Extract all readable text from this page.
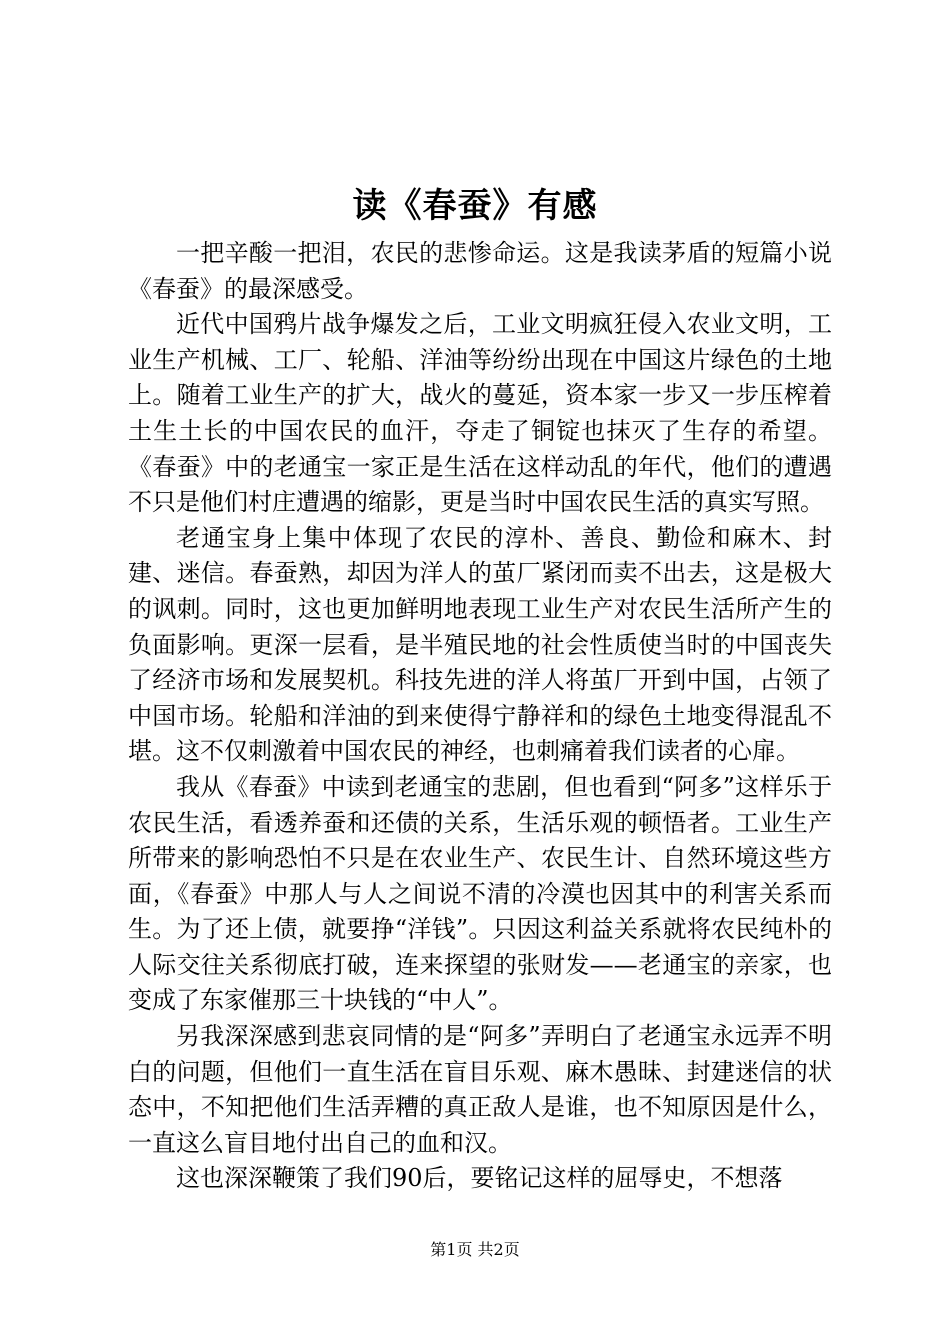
读《春蚕》有感

一把辛酸一把泪，农民的悲惨命运。这是我读茅盾的短篇小说《春蚕》的最深感受。

近代中国鸦片战争爆发之后，工业文明疯狂侵入农业文明，工业生产机械、工厂、轮船、洋油等纷纷出现在中国这片绿色的土地上。随着工业生产的扩大，战火的蔓延，资本家一步又一步压榨着土生土长的中国农民的血汗，夺走了铜锭也抹灭了生存的希望。《春蚕》中的老通宝一家正是生活在这样动乱的年代，他们的遭遇不只是他们村庄遭遇的缩影，更是当时中国农民生活的真实写照。

老通宝身上集中体现了农民的淳朴、善良、勤俭和麻木、封建、迷信。春蚕熟，却因为洋人的茧厂紧闭而卖不出去，这是极大的讽刺。同时，这也更加鲜明地表现工业生产对农民生活所产生的负面影响。更深一层看，是半殖民地的社会性质使当时的中国丧失了经济市场和发展契机。科技先进的洋人将茧厂开到中国，占领了中国市场。轮船和洋油的到来使得宁静祥和的绿色土地变得混乱不堪。这不仅刺激着中国农民的神经，也刺痛着我们读者的心扉。

我从《春蚕》中读到老通宝的悲剧，但也看到“阿多”这样乐于农民生活，看透养蚕和还债的关系，生活乐观的顿悟者。工业生产所带来的影响恐怕不只是在农业生产、农民生计、自然环境这些方面，《春蚕》中那人与人之间说不清的冷漠也因其中的利害关系而生。为了还上债，就要挣“洋钱”。只因这利益关系就将农民纯朴的人际交往关系彻底打破，连来探望的张财发——老通宝的亲家，也变成了东家催那三十块钱的“中人”。

另我深深感到悲哀同情的是“阿多”弄明白了老通宝永远弄不明白的问题，但他们一直生活在盲目乐观、麻木愚昧、封建迷信的状态中，不知把他们生活弄糟的真正敌人是谁，也不知原因是什么，一直这么盲目地付出自己的血和汉。

这也深深鞭策了我们90后，要铭记这样的屈辱史，不想落

第1页 共2页
